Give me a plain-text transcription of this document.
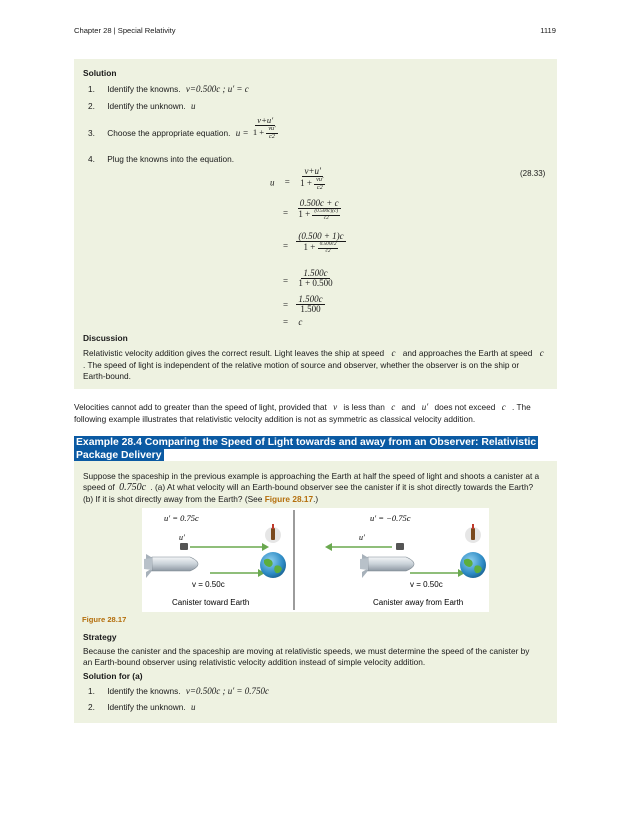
Chapter 28 | Special Relativity	1119
Solution
1. Identify the knowns. v=0.500c ; u′ = c
2. Identify the unknown. u
3. Choose the appropriate equation. $u = \frac{v+u'}{1 + \frac{vu'}{c2}}$
4. Plug the knowns into the equation.
(28.33)
$u = \frac{v+u'}{1 + \frac{vu'}{c2}}$
= $\frac{0.500c + c}{1 + \frac{(0.500c)(c)}{c2}}$
= $\frac{(0.500 + 1)c}{1 + \frac{0.500c2}{c2}}$
= $\frac{1.500c}{1 + 0.500}$
= $\frac{1.500c}{1.500}$
= c
Discussion
Relativistic velocity addition gives the correct result. Light leaves the ship at speed c and approaches the Earth at speed c
. The speed of light is independent of the relative motion of source and observer, whether the observer is on the ship or
Earth-bound.
Velocities cannot add to greater than the speed of light, provided that v is less than c and u′ does not exceed c . The
following example illustrates that relativistic velocity addition is not as symmetric as classical velocity addition.
Example 28.4 Comparing the Speed of Light towards and away from an Observer: Relativistic Package Delivery
Suppose the spaceship in the previous example is approaching the Earth at half the speed of light and shoots a canister at a
speed of 0.750c . (a) At what velocity will an Earth-bound observer see the canister if it is shot directly towards the Earth?
(b) If it is shot directly away from the Earth? (See Figure 28.17.)
Strategy
Because the canister and the spaceship are moving at relativistic speeds, we must determine the speed of the canister by
an Earth-bound observer using relativistic velocity addition instead of simple velocity addition.
Solution for (a)
1. Identify the knowns. v=0.500c ; u′ = 0.750c
2. Identify the unknown. u
u′ = 0.75c
u′
v = 0.50c
Canister toward Earth
u′ = −0.75c
u′
v = 0.50c
Canister away from Earth
Figure 28.17
